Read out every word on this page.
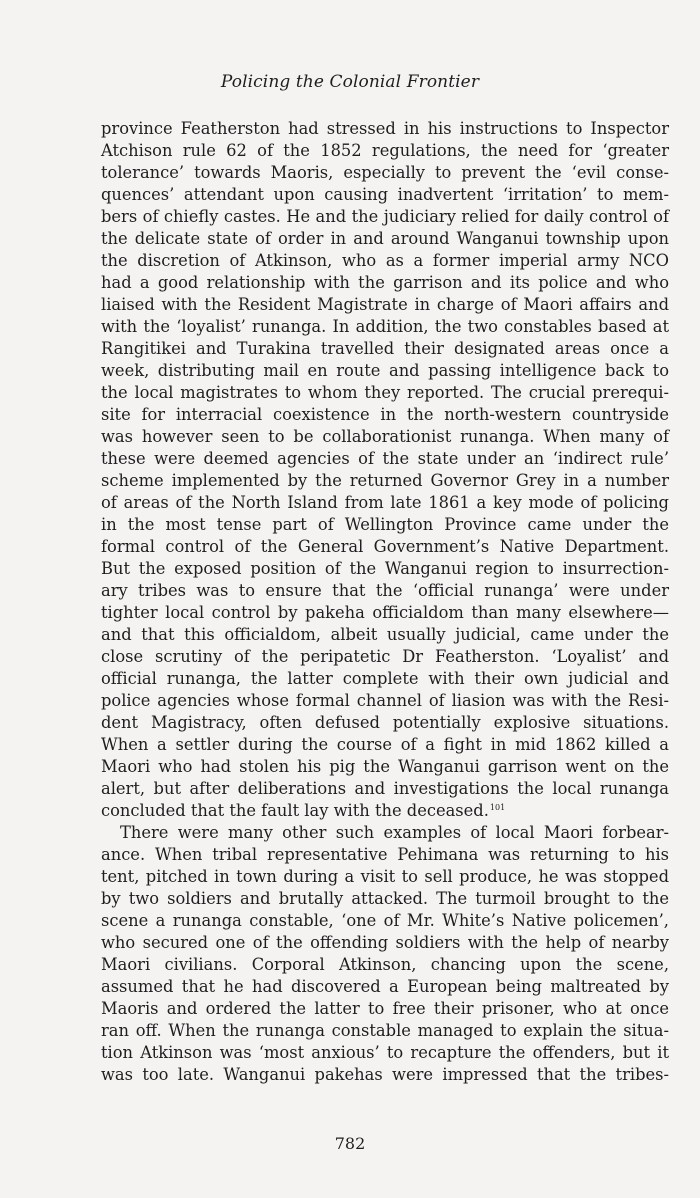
Policing the Colonial Frontier
province Featherston had stressed in his instructions to Inspector
Atchison rule 62 of the 1852 regulations, the need for ‘greater
tolerance’ towards Maoris, especially to prevent the ‘evil conse-
quences’ attendant upon causing inadvertent ‘irritation’ to mem-
bers of chiefly castes. He and the judiciary relied for daily control of
the delicate state of order in and around Wanganui township upon
the discretion of Atkinson, who as a former imperial army NCO
had a good relationship with the garrison and its police and who
liaised with the Resident Magistrate in charge of Maori affairs and
with the ‘loyalist’ runanga. In addition, the two constables based at
Rangitikei and Turakina travelled their designated areas once a
week, distributing mail en route and passing intelligence back to
the local magistrates to whom they reported. The crucial prerequi-
site for interracial coexistence in the north-western countryside
was however seen to be collaborationist runanga. When many of
these were deemed agencies of the state under an ‘indirect rule’
scheme implemented by the returned Governor Grey in a number
of areas of the North Island from late 1861 a key mode of policing
in the most tense part of Wellington Province came under the
formal control of the General Government’s Native Department.
But the exposed position of the Wanganui region to insurrection-
ary tribes was to ensure that the ‘official runanga’ were under
tighter local control by pakeha officialdom than many elsewhere—
and that this officialdom, albeit usually judicial, came under the
close scrutiny of the peripatetic Dr Featherston. ‘Loyalist’ and
official runanga, the latter complete with their own judicial and
police agencies whose formal channel of liasion was with the Resi-
dent Magistracy, often defused potentially explosive situations.
When a settler during the course of a fight in mid 1862 killed a
Maori who had stolen his pig the Wanganui garrison went on the
alert, but after deliberations and investigations the local runanga
concluded that the fault lay with the deceased.$^{101}$
There were many other such examples of local Maori forbear-
ance. When tribal representative Pehimana was returning to his
tent, pitched in town during a visit to sell produce, he was stopped
by two soldiers and brutally attacked. The turmoil brought to the
scene a runanga constable, ‘one of Mr. White’s Native policemen’,
who secured one of the offending soldiers with the help of nearby
Maori civilians. Corporal Atkinson, chancing upon the scene,
assumed that he had discovered a European being maltreated by
Maoris and ordered the latter to free their prisoner, who at once
ran off. When the runanga constable managed to explain the situa-
tion Atkinson was ‘most anxious’ to recapture the offenders, but it
was too late. Wanganui pakehas were impressed that the tribes-
782
